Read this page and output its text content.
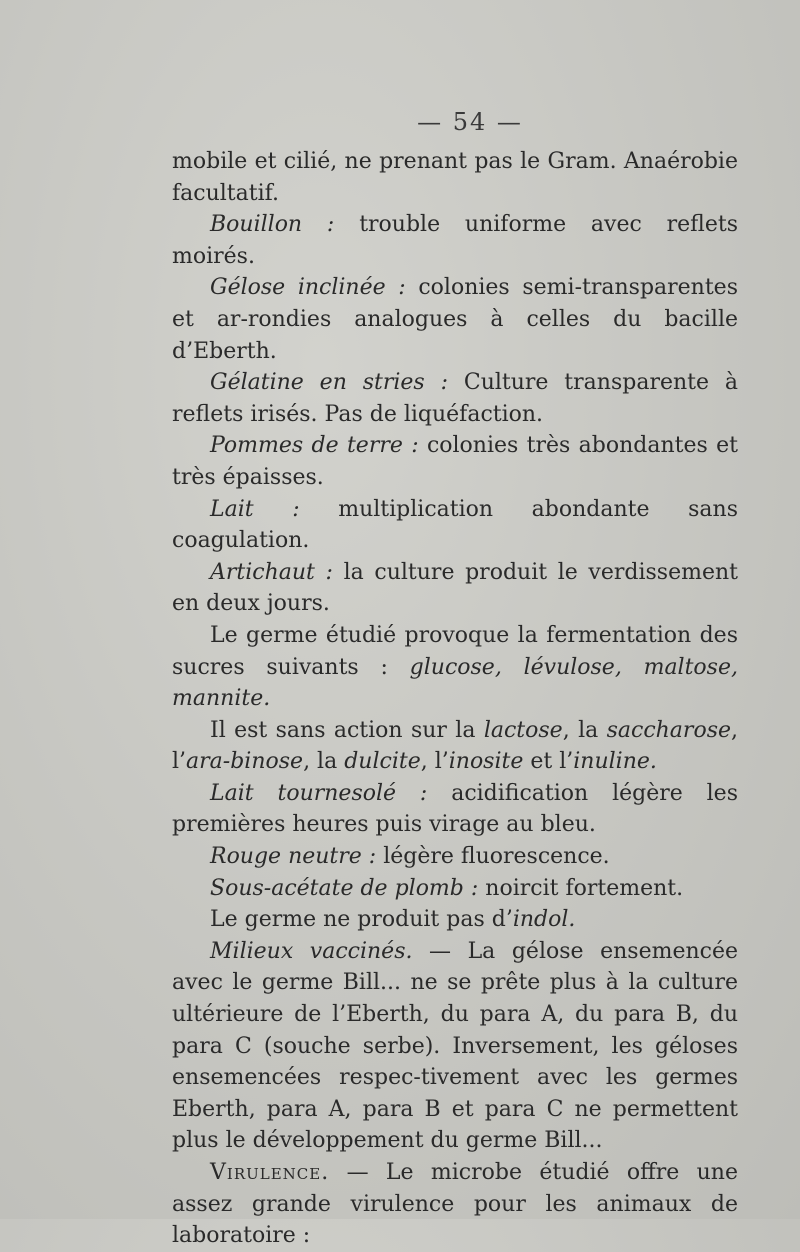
— 54 —

mobile et cilié, ne prenant pas le Gram. Anaérobie facultatif.

Bouillon : trouble uniforme avec reflets moirés.

Gélose inclinée : colonies semi-transparentes et ar-rondies analogues à celles du bacille d’Eberth.

Gélatine en stries : Culture transparente à reflets irisés. Pas de liquéfaction.

Pommes de terre : colonies très abondantes et très épaisses.

Lait : multiplication abondante sans coagulation.

Artichaut : la culture produit le verdissement en deux jours.

Le germe étudié provoque la fermentation des sucres suivants : glucose, lévulose, maltose, mannite.

Il est sans action sur la lactose, la saccharose, l’ara-binose, la dulcite, l’inosite et l’inuline.

Lait tournesolé : acidification légère les premières heures puis virage au bleu.

Rouge neutre : légère fluorescence.

Sous-acétate de plomb : noircit fortement.

Le germe ne produit pas d’indol.

Milieux vaccinés. — La gélose ensemencée avec le germe Bill... ne se prête plus à la culture ultérieure de l’Eberth, du para A, du para B, du para C (souche serbe). Inversement, les géloses ensemencées respec-tivement avec les germes Eberth, para A, para B et para C ne permettent plus le développement du germe Bill...

Virulence. — Le microbe étudié offre une assez grande virulence pour les animaux de laboratoire :
